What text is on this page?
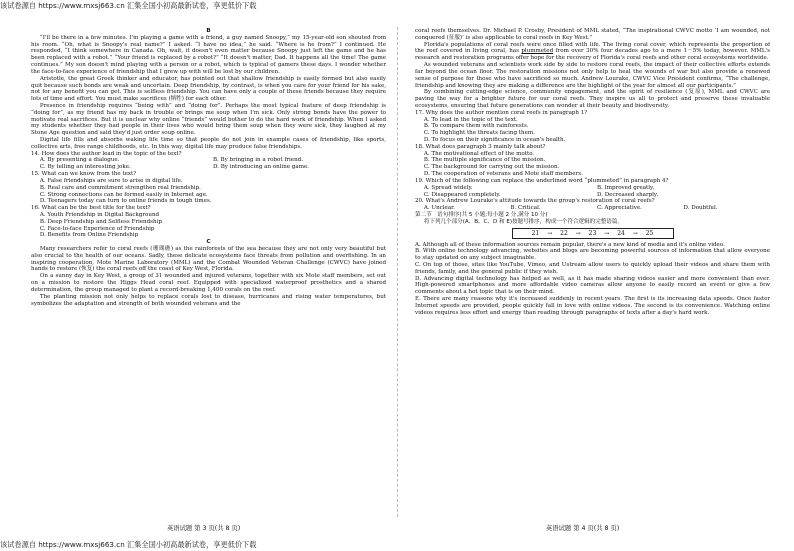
该试卷源自 https://www.mxsj663.cn 汇集全国小初高最新试卷，享更低价下载

B

“I'll be there in a few minutes. I'm playing a game with a friend, a guy named Snoopy,” my 15-year-old son shouted from his room. “Oh, what is Snoopy's real name?” I asked. “I have no idea,” he said. “Where is he from?” I continued. He responded, “I think somewhere in Canada. Oh, wait, it doesn't even matter because Snoopy just left the game and he has been replaced with a robot.” “Your friend is replaced by a robot?” “It doesn't matter, Dad. It happens all the time! The game continues.” My son doesn't mind playing with a person or a robot, which is typical of gamers these days. I wonder whether the face-to-face experience of friendship that I grew up with will be lost by our children.

Aristotle, the great Greek thinker and educator, has pointed out that shallow friendship is easily formed but also easily quit because such bonds are weak and uncertain. Deep friendship, by contrast, is when you care for your friend for his sake, not for any benefit you can get. This is selfless friendship. You can have only a couple of these friends because they require lots of time and effort. You must make sacrifices (牺牲) for each other.

Presence in friendship requires “being with” and “doing for”. Perhaps the most typical feature of deep friendship is “doing for”, as my friend has my back in trouble or brings me soup when I'm sick. Only strong bonds have the power to motivate real sacrifices. But it is unclear why online “friends” would bother to do the hard work of friendship. When I asked my students whether they had people in their lives who would bring them soup when they were sick, they laughed at my Stone Age question and said they'd just order soup online.

Digital life fills and absorbs waking life time so that people do not join in example cases of friendship, like sports, collective arts, free range childhoods, etc. In this way, digital life may produce false friendships.

14. How does the author lead in the topic of the text?
A. By presenting a dialogue.	B. By bringing in a robot friend.
C. By telling an interesting joke.	D. By introducing an online game.
15. What can we know from the text?
A. False friendships are sure to arise in digital life.
B. Real care and commitment strengthen real friendship.
C. Strong connections can be formed easily in Internet age.
D. Teenagers today can turn to online friends in tough times.
16. What can be the best title for the text?
A. Youth Friendship in Digital Background
B. Deep Friendship and Selfless Friendship
C. Face-to-face Experience of Friendship
D. Benefits from Online Friendship

C

Many researchers refer to coral reefs (珊瑚礁) as the rainforests of the sea because they are not only very beautiful but also crucial to the health of our oceans. Sadly, these delicate ecosystems face threats from pollution and overfishing. In an inspiring cooperation, Mote Marine Laboratory (MML) and the Combat Wounded Veteran Challenge (CWVC) have joined hands to restore (恢复) the coral reefs off the coast of Key West, Florida.

On a sunny day in Key West, a group of 31 wounded and injured veterans, together with six Mote staff members, set out on a mission to restore the Higgs Head coral reef. Equipped with specialized waterproof prosthetics and a shared determination, the group managed to plant a record-breaking 1,400 corals on the reef.

The planting mission not only helps to replace corals lost to disease, hurricanes and rising water temperatures, but symbolizes the adaptation and strength of both wounded veterans and the

coral reefs themselves. Dr. Michael P. Crosby, President of MML stated, “The inspirational CWVC motto ‘I am wounded, not conquered (征服)’ is also applicable to coral reefs in Key West.”

Florida's populations of coral reefs were once filled with life. The living coral cover, which represents the proportion of the reef covered in living coral, has plummeted from over 30% four decades ago to a mere 1－5% today, however. MML's research and restoration programs offer hope for the recovery of Florida's coral reefs and other coral ecosystems worldwide.

As wounded veterans and scientists work side by side to restore coral reefs, the impact of their collective efforts extends far beyond the ocean floor. The restoration missions not only help to heal the wounds of war but also provide a renewed sense of purpose for those who have sacrificed so much. Andrew Lourake, CWVC Vice President confirms, “The challenge, friendship and knowing they are making a difference are the highlight of the year for almost all our participants.”

By combining cutting-edge science, community engagement, and the spirit of resilience (复原), MML and CWVC are paving the way for a brighter future for our coral reefs. They inspire us all to protect and preserve these invaluable ecosystems, ensuring that future generations can wonder at their beauty and biodiversity.

17. Why does the author mention coral reefs in paragraph 1?
A. To lead in the topic of the text.
B. To compare them with rainforests.
C. To highlight the threats facing them.
D. To focus on their significance in ocean's health.
18. What does paragraph 3 mainly talk about?
A. The motivational effect of the motto.
B. The multiple significance of the mission.
C. The background for carrying out the mission.
D. The cooperation of veterans and Mote staff members.
19. Which of the following can replace the underlined word “plummeted” in paragraph 4?
A. Spread widely.	B. Improved greatly.
C. Disappeared completely.	D. Decreased sharply.
20. What's Andrew Lourake's attitude towards the group's restoration of coral reefs?
A. Unclear.	B. Critical.	C. Appreciative.	D. Doubtful.
第二节　语句排序(共 5 小题;每小题 2 分,满分 10 分)
将下列几个部分(A、B、C、D 和 E)按题号排序，构成一个符合逻辑的完整语篇。
21 → 22 → 23 → 24 → 25
A. Although all of these information sources remain popular, there's a new kind of media and it's online video.
B. With online technology advancing, websites and blogs are becoming powerful sources of information that allow everyone to stay updated on any subject imaginable.
C. On top of those, sites like YouTube, Vimeo, and Ustream allow users to quickly upload their videos and share them with friends, family, and the general public if they wish.
D. Advancing digital technology has helped as well, as it has made sharing videos easier and more convenient than ever. High-powered smartphones and more affordable video cameras allow anyone to easily record an event or give a few comments about a hot topic that is on their mind.
E. There are many reasons why it's increased suddenly in recent years. The first is its increasing data speeds. Once faster Internet speeds are provided, people quickly fall in love with online videos. The second is its convenience. Watching online videos requires less effort and energy than reading through paragraphs of texts after a day's hard work.
英语试题 第 3 页(共 8 页)	英语试题 第 4 页(共 8 页)
该试卷源自 https://www.mxsj663.cn 汇集全国小初高最新试卷，享更低价下载
